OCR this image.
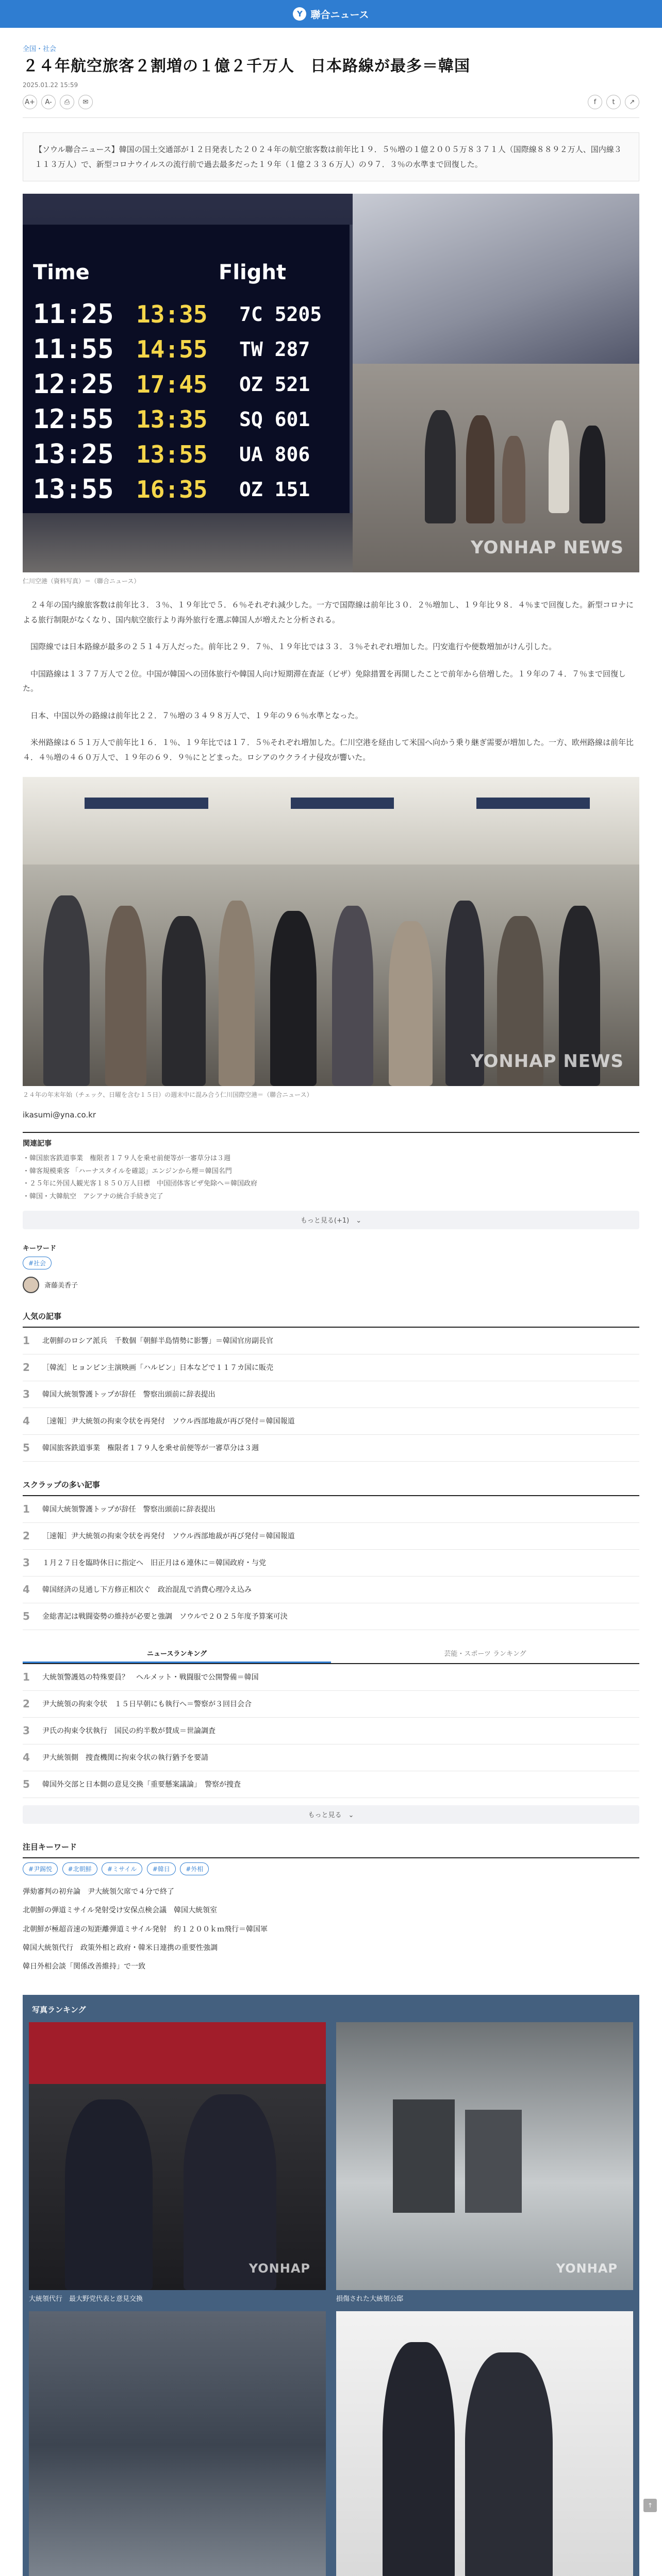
Y 聯合ニュース
全国・社会
２４年航空旅客２割増の１億２千万人　日本路線が最多＝韓国
2025.01.22 15:59
A+	A-	⎙	✉	f	t	↗

【ソウル聯合ニュース】韓国の国土交通部が１２日発表した２０２４年の航空旅客数は前年比１９．５％増の１億２００５万８３７１人（国際線８８９２万人、国内線３１１３万人）で、新型コロナウイルスの流行前で過去最多だった１９年（１億２３３６万人）の９７．３％の水準まで回復した。

Time	Flight
11:25 13:35	7C 5205
11:55 14:55	TW 287
12:25 17:45	OZ 521
12:55 13:35	SQ 601
13:25 13:55	UA 806
13:55 16:35	OZ 151
YONHAP NEWS
仁川空港（資料写真）＝（聯合ニュース）

　２４年の国内線旅客数は前年比３．３％、１９年比で５．６％それぞれ減少した。一方で国際線は前年比３０．２％増加し、１９年比９８．４％まで回復した。新型コロナによる旅行制限がなくなり、国内航空旅行より海外旅行を選ぶ韓国人が増えたと分析される。

　国際線では日本路線が最多の２５１４万人だった。前年比２９．７％、１９年比では３３．３％それぞれ増加した。円安進行や便数増加がけん引した。

　中国路線は１３７７万人で２位。中国が韓国への団体旅行や韓国人向け短期滞在査証（ビザ）免除措置を再開したことで前年から倍増した。１９年の７４．７％まで回復した。

　日本、中国以外の路線は前年比２２．７％増の３４９８万人で、１９年の９６％水準となった。

　米州路線は６５１万人で前年比１６．１％、１９年比では１７．５％それぞれ増加した。仁川空港を経由して米国へ向かう乗り継ぎ需要が増加した。一方、欧州路線は前年比４．４％増の４６０万人で、１９年の６９．９％にとどまった。ロシアのウクライナ侵攻が響いた。

YONHAP NEWS
２４年の年末年始（チェック、日曜を含む１５日）の週末中に混み合う仁川国際空港＝（聯合ニュース）
ikasumi@yna.co.kr
関連記事
・韓国旅客鉄道事業　権限者１７９人を乗せ前便等が一審草分は３週
・韓客規模乗客 「ハーナスタイルを確認」エンジンから煙＝韓国名門
・２５年に外国人観光客１８５０万人目標　中国団体客ビザ免除へ＝韓国政府
・韓国・大韓航空　アシアナの統合手続き完了
もっと見る(+1)　⌄
キーワード
#社会
斎藤美香子
人気の記事
1	北朝鮮のロシア派兵　千数個「朝鮮半島情勢に影響」＝韓国官房副長官
2	［韓流］ヒョンビン主演映画「ハルビン」日本などで１１７カ国に販売
3	韓国大統領警護トップが辞任　警察出頭前に辞表提出
4	［速報］尹大統領の拘束令状を再発付　ソウル西部地裁が再び発付＝韓国報道
5	韓国旅客鉄道事業　権限者１７９人を乗せ前便等が一審草分は３週
スクラップの多い記事
1	韓国大統領警護トップが辞任　警察出頭前に辞表提出
2	［速報］尹大統領の拘束令状を再発付　ソウル西部地裁が再び発付＝韓国報道
3	１月２７日を臨時休日に指定へ　旧正月は６連休に＝韓国政府・与党
4	韓国経済の見通し下方修正相次ぐ　政治混乱で消費心理冷え込み
5	金総書記は戦闘姿勢の維持が必要と強調　ソウルで２０２５年度予算案可決
ニュースランキング	芸能・スポーツ ランキング
1	大統領警護処の特殊要員？　ヘルメット・戦闘服で公開警備＝韓国
2	尹大統領の拘束令状　１５日早朝にも執行へ＝警察が３回目会合
3	尹氏の拘束令状執行　国民の約半数が賛成＝世論調査
4	尹大統領側　捜査機関に拘束令状の執行猶予を要請
5	韓国外交部と日本側の意見交換「重要懸案議論」　警察が捜査
もっと見る　⌄
注目キーワード
#尹錫悦	#北朝鮮	#ミサイル	#韓日	#外相
弾劾審判の初弁論　尹大統領欠席で４分で終了
北朝鮮の弾道ミサイル発射受け安保点検会議　韓国大統領室
北朝鮮が極超音速の短距離弾道ミサイル発射　約１２００ｋｍ飛行＝韓国軍
韓国大統領代行　政策外相と政府・韓米日連携の重要性強調
韓日外相会談「関係改善維持」で一致
写真ランキング
YONHAP
大統領代行　最大野党代表と意見交換
YONHAP
損傷された大統領公邸
↑
